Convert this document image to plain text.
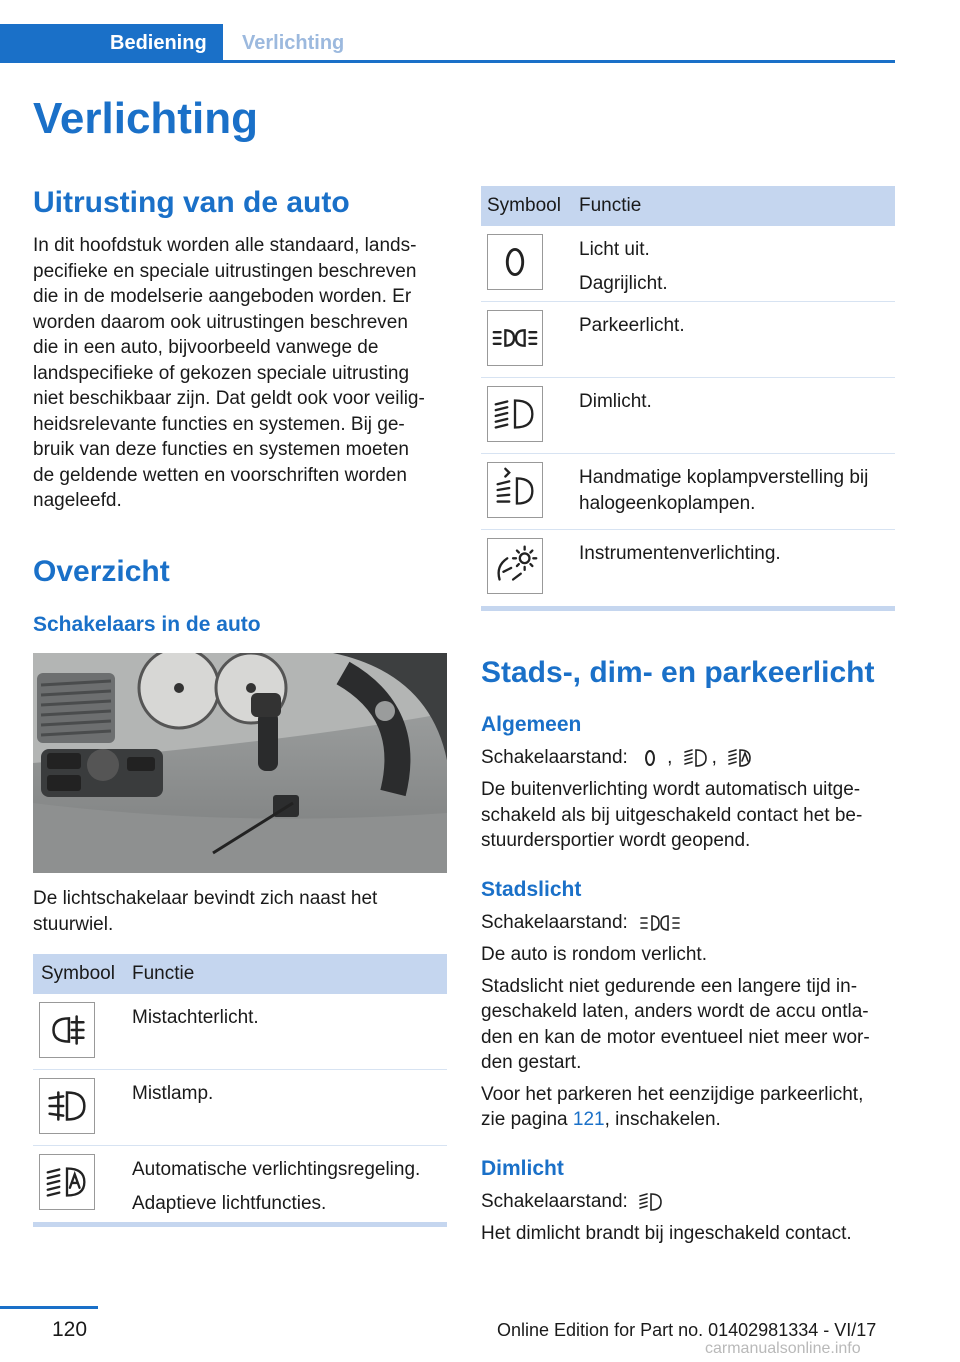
Bediening	Verlichting
Verlichting
Uitrusting van de auto
In dit hoofdstuk worden alle standaard, lands‐
pecifieke en speciale uitrustingen beschreven
die in de modelserie aangeboden worden. Er
worden daarom ook uitrustingen beschreven
die in een auto, bijvoorbeeld vanwege de
landspecifieke of gekozen speciale uitrusting
niet beschikbaar zijn. Dat geldt ook voor veilig‐
heidsrelevante functies en systemen. Bij ge‐
bruik van deze functies en systemen moeten
de geldende wetten en voorschriften worden
nageleefd.
Overzicht
Schakelaars in de auto
De lichtschakelaar bevindt zich naast het
stuurwiel.
Symbool Functie
Mistachterlicht.
Mistlamp.
Automatische verlichtingsregeling.
Adaptieve lichtfuncties.
Symbool Functie
Licht uit.
Dagrijlicht.
Parkeerlicht.
Dimlicht.
Handmatige koplampverstelling bij
halogeenkoplampen.
Instrumentenverlichting.
Stads-, dim- en parkeerlicht
Algemeen
Schakelaarstand: , ,
De buitenverlichting wordt automatisch uitge‐
schakeld als bij uitgeschakeld contact het be‐
stuurdersportier wordt geopend.
Stadslicht
Schakelaarstand:
De auto is rondom verlicht.
Stadslicht niet gedurende een langere tijd in‐
geschakeld laten, anders wordt de accu ontla‐
den en kan de motor eventueel niet meer wor‐
den gestart.
Voor het parkeren het eenzijdige parkeerlicht,
zie pagina 121, inschakelen.
Dimlicht
Schakelaarstand:
Het dimlicht brandt bij ingeschakeld contact.
120	Online Edition for Part no. 01402981334 - VI/17
carmanualsonline.info
